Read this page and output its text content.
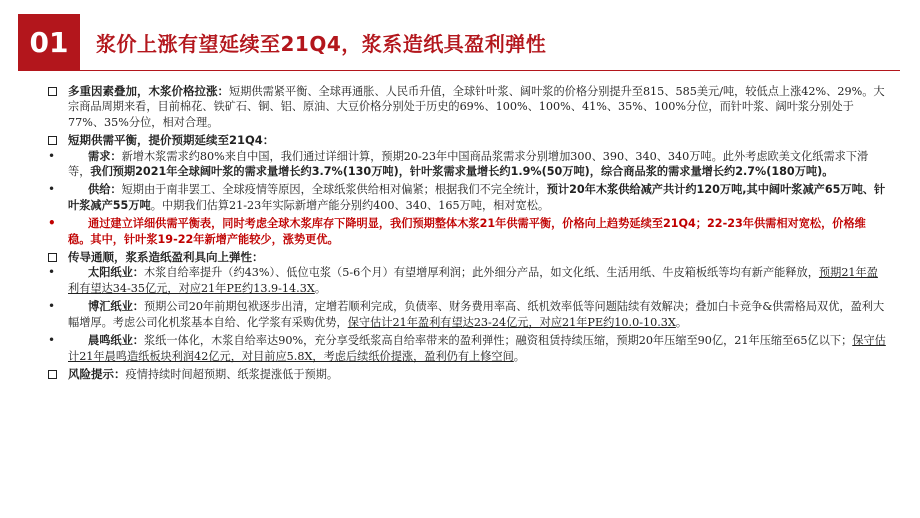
01	浆价上涨有望延续至21Q4，浆系造纸具盈利弹性
多重因素叠加，木浆价格拉涨：短期供需紧平衡、全球再通胀、人民币升值，全球针叶浆、阔叶浆的价格分别提升至815、585美元/吨，较低点上涨42%、29%。大宗商品周期来看，目前棉花、铁矿石、铜、铝、原油、大豆价格分别处于历史的69%、100%、100%、41%、35%、100%分位，而针叶浆、阔叶浆分别处于77%、35%分位，相对合理。
短期供需平衡，提价预期延续至21Q4：
•	需求：新增木浆需求约80%来自中国，我们通过详细计算，预期20-23年中国商品浆需求分别增加300、390、340、340万吨。此外考虑欧美文化纸需求下滑等，我们预期2021年全球阔叶浆的需求量增长约3.7%(130万吨)，针叶浆需求量增长约1.9%(50万吨)，综合商品浆的需求量增长约2.7%(180万吨)。
•	供给：短期由于南非罢工、全球疫情等原因，全球纸浆供给相对偏紧；根据我们不完全统计，预计20年木浆供给减产共计约120万吨,其中阔叶浆减产65万吨、针叶浆减产55万吨。中期我们估算21-23年实际新增产能分别约400、340、165万吨，相对宽松。
•	通过建立详细供需平衡表，同时考虑全球木浆库存下降明显，我们预期整体木浆21年供需平衡，价格向上趋势延续至21Q4；22-23年供需相对宽松，价格维稳。其中，针叶浆19-22年新增产能较少，涨势更优。
传导通顺，浆系造纸盈利具向上弹性：
•	太阳纸业：木浆自给率提升（约43%）、低位屯浆（5-6个月）有望增厚利润；此外细分产品，如文化纸、生活用纸、牛皮箱板纸等均有新产能释放，预期21年盈利有望达34-35亿元，对应21年PE约13.9-14.3X。
•	博汇纸业：预期公司20年前期包袱逐步出清，定增若顺利完成，负债率、财务费用率高、纸机效率低等问题陆续有效解决；叠加白卡竞争&供需格局双优，盈利大幅增厚。考虑公司化机浆基本自给、化学浆有采购优势，保守估计21年盈利有望达23-24亿元，对应21年PE约10.0-10.3X。
•	晨鸣纸业：浆纸一体化，木浆自给率达90%，充分享受纸浆高自给率带来的盈利弹性；融资租赁持续压缩，预期20年压缩至90亿，21年压缩至65亿以下；保守估计21年晨鸣造纸板块利润42亿元，对目前应5.8X，考虑后续纸价提涨，盈利仍有上修空间。
风险提示：疫情持续时间超预期、纸浆提涨低于预期。
